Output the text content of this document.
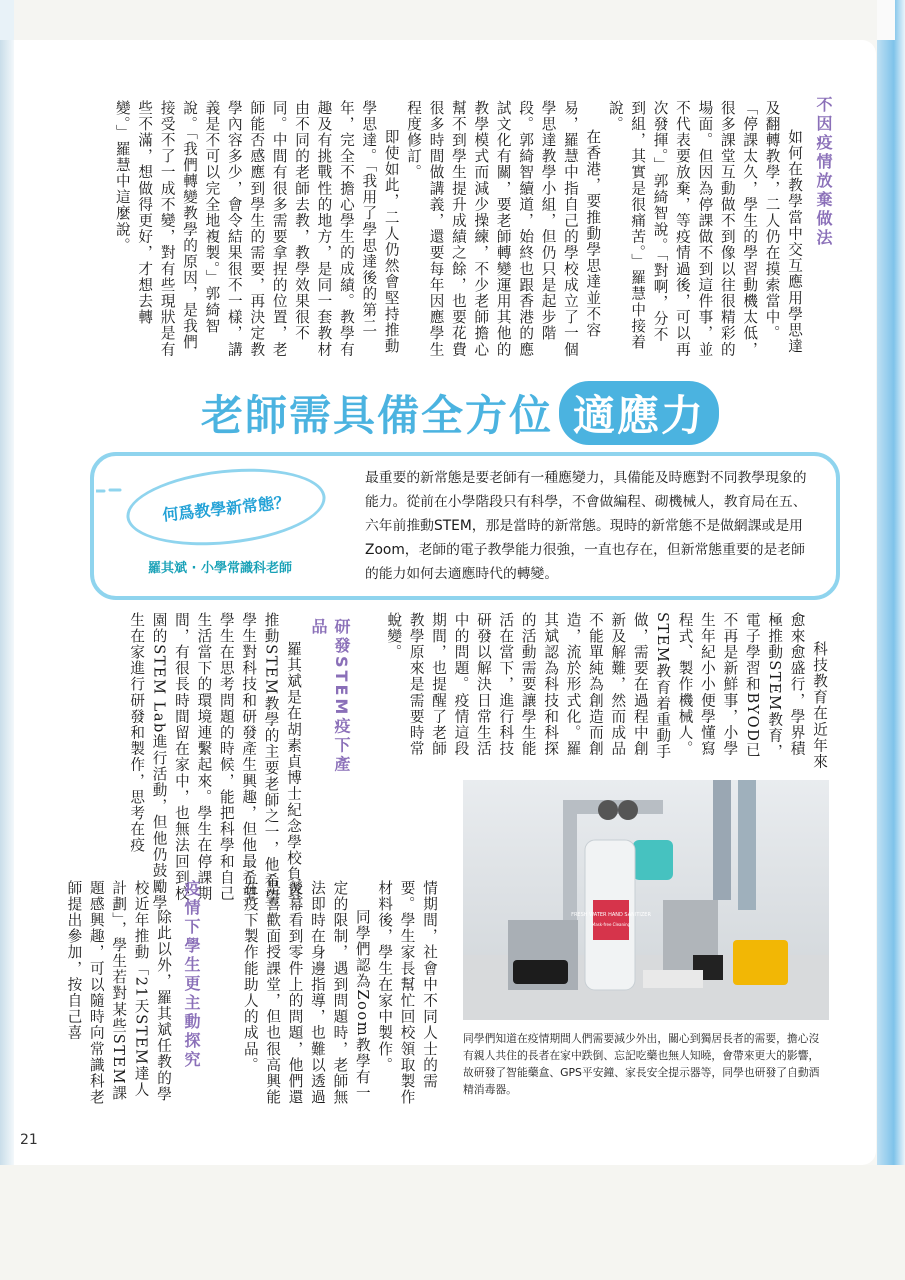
不因疫情放棄做法

如何在教學當中交互應用學思達及翻轉教學，二人仍在摸索當中。「停課太久，學生的學習動機太低，很多課堂互動做不到像以往很精彩的場面。但因為停課做不到這件事，並不代表要放棄，等疫情過後，可以再次發揮。」郭綺智說。「對啊，分不到組，其實是很痛苦。」羅慧中接着說。

在香港，要推動學思達並不容易，羅慧中指自己的學校成立了一個學思達教學小組，但仍只是起步階段。郭綺智續道，始終也跟香港的應試文化有關，要老師轉變運用其他的教學模式而減少操練，不少老師擔心幫不到學生提升成績之餘，也要花費很多時間做講義，還要每年因應學生程度修訂。

即使如此，二人仍然會堅持推動學思達。「我用了學思達後的第二年，完全不擔心學生的成績。教學有趣及有挑戰性的地方，是同一套教材由不同的老師去教，教學效果很不同。中間有很多需要拿捏的位置，老師能否感應到學生的需要，再決定教學內容多少，會令結果很不一樣，講義是不可以完全地複製。」郭綺智說。「我們轉變教學的原因，是我們接受不了一成不變，對有些現狀是有些不滿，想做得更好，才想去轉變。」羅慧中這麼說。

老師需具備全方位 適應力
何爲教學新常態？
羅其斌 · 小學常識科老師
最重要的新常態是要老師有一種應變力，具備能及時應對不同教學現象的能力。從前在小學階段只有科學，不會做編程、砌機械人，教育局在五、六年前推動STEM，那是當時的新常態。現時的新常態不是做網課或是用Zoom，老師的電子教學能力很強，一直也存在，但新常態重要的是老師的能力如何去適應時代的轉變。

科技教育在近年來愈來愈盛行，學界積極推動STEM教育，電子學習和BYOD已不再是新鮮事，小學生年紀小小便學懂寫程式、製作機械人。STEM教育着重動手做，需要在過程中創新及解難，然而成品不能單純為創造而創造，流於形式化。羅其斌認為科技和科探的活動需要讓學生能活在當下，進行科技研發以解決日常生活中的問題。疫情這段期間，也提醒了老師教學原來是需要時常蛻變。

研發STEM疫下產品

羅其斌是在胡素貞博士紀念學校負責推動STEM教學的主要老師之一，他希望學生對科技和研發產生興趣，但他最希望學生在思考問題的時候，能把科學和自己生活當下的環境連繫起來。學生在停課期間，有很長時間留在家中，也無法回到校園的STEM Lab進行活動，但他仍鼓勵學生在家進行研發和製作，思考在疫

情期間，社會中不同人士的需要。學生家長幫忙回校領取製作材料後，學生在家中製作。

同學們認為Zoom教學有一定的限制，遇到問題時，老師無法即時在身邊指導，也難以透過熒幕看到零件上的問題，他們還是喜歡面授課堂，但也很高興能在疫下製作能助人的成品。

疫情下學生更主動探究

除此以外，羅其斌任教的學校近年推動「21天STEM達人計劃」，學生若對某些STEM課題感興趣，可以隨時向常識科老師提出參加，按自己喜	FRESH WATER HAND SANITIZER
Mask-free Cleaning
同學們知道在疫情期間人們需要減少外出，關心到獨居長者的需要，擔心沒有親人共住的長者在家中跌倒、忘記吃藥也無人知曉，會帶來更大的影響，故研發了智能藥盒、GPS平安鐘、家長安全提示器等，同學也研發了自動酒精消毒器。
21
